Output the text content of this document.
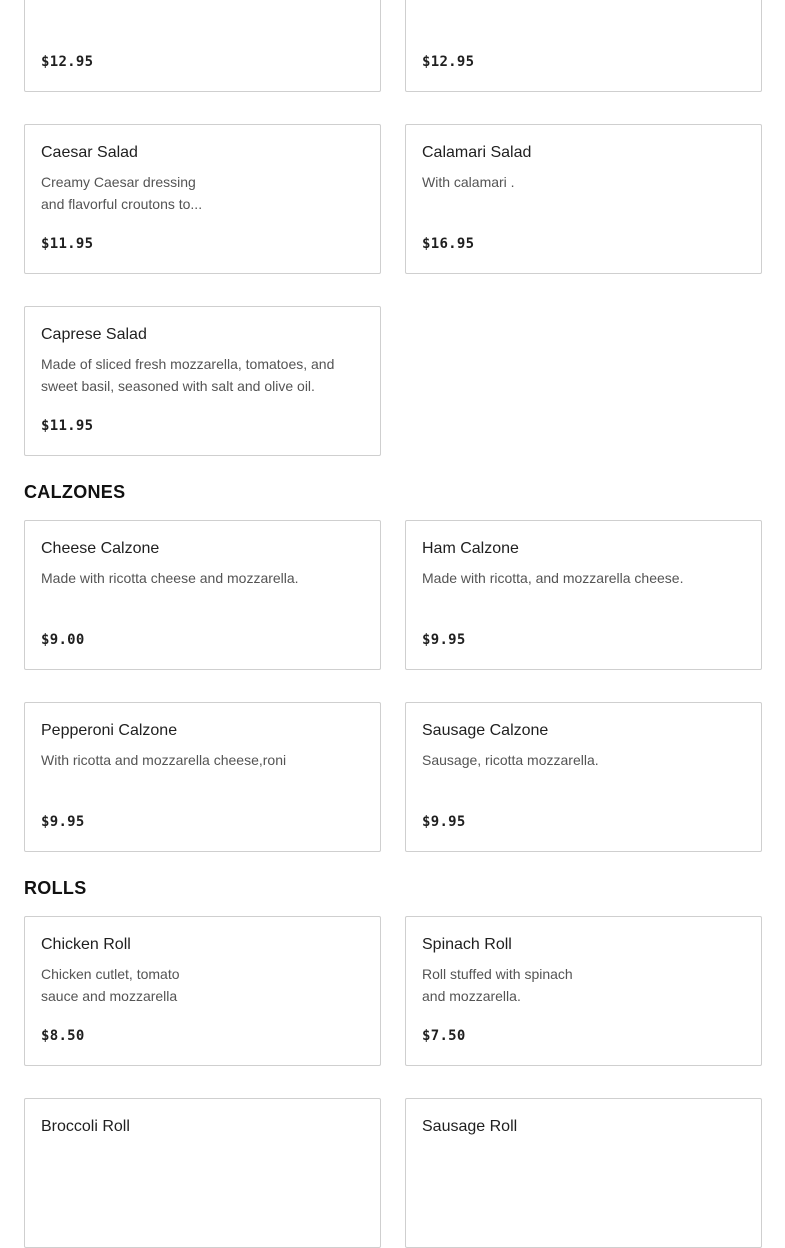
$12.95	$12.95
Caesar Salad
Creamy Caesar dressing
and flavorful croutons to...
$11.95
Calamari Salad
With calamari .
$16.95
Caprese Salad
Made of sliced fresh mozzarella, tomatoes, and
sweet basil, seasoned with salt and olive oil.
$11.95
CALZONES
Cheese Calzone
Made with ricotta cheese and mozzarella.
$9.00
Ham Calzone
Made with ricotta, and mozzarella cheese.
$9.95
Pepperoni Calzone
With ricotta and mozzarella cheese,roni
$9.95
Sausage Calzone
Sausage, ricotta mozzarella.
$9.95
ROLLS
Chicken Roll
Chicken cutlet, tomato
sauce and mozzarella
$8.50
Spinach Roll
Roll stuffed with spinach
and mozzarella.
$7.50
Broccoli Roll	Sausage Roll
